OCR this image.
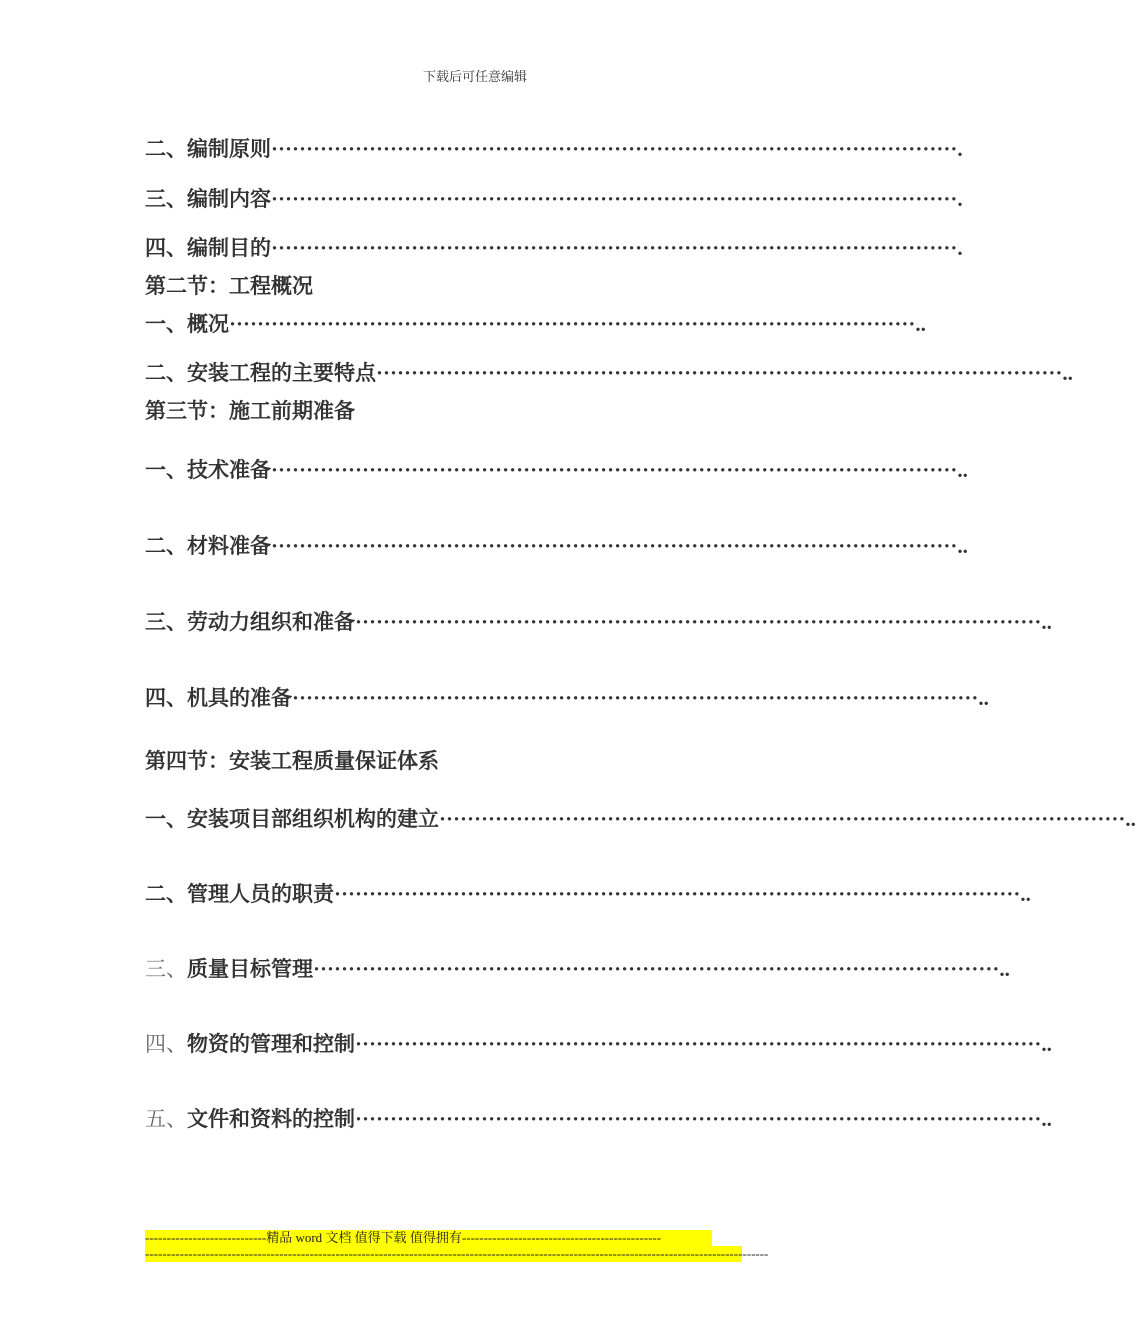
下载后可任意编辑
二、 编制原则 ·································································································· .
三、 编制内容 ·································································································· .
四、 编制目的 ·································································································· .
第二节：工程概况
一、 概况 ·································································································· ..
二、 安装工程的主要特点 ·································································································· ..
第三节：施工前期准备
一、 技术准备 ·································································································· ..
二、 材料准备 ·································································································· ..
三、 劳动力组织和准备 ·································································································· ..
四、 机具的准备 ·································································································· ..
第四节：安装工程质量保证体系
一、 安装项目部组织机构的建立 ·································································································· ..
二、 管理人员的职责 ·································································································· ..
三、 质量目标管理 ·································································································· ..
四、 物资的管理和控制 ·································································································· ..
五、 文件和资料的控制 ·································································································· ..
----------------------------精品 word 文档 值得下载 值得拥有----------------------------------------------
------------------------------------------------------------------------------------------------------------------------------------------------
